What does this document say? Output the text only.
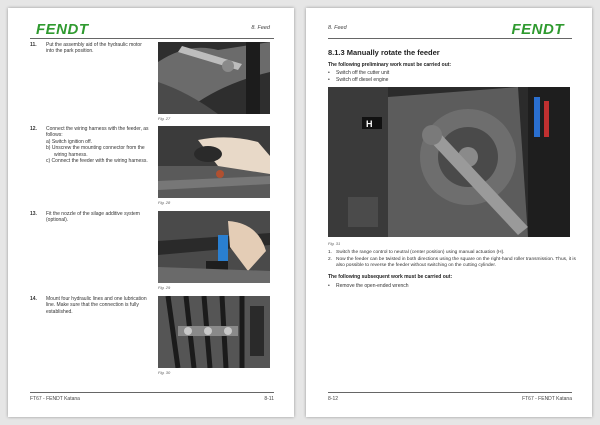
FENDT	8. Feed
11. Put the assembly aid of the hydraulic motor into the park position.
Fig. 27
12. Connect the wiring harness with the feeder, as follows:
a) Switch ignition off.
b) Unscrew the mounting connector from the wiring harness.
c) Connect the feeder with the wiring harness.
Fig. 28
13. Fit the nozzle of the silage additive system (optional).
Fig. 29
14. Mount four hydraulic lines and one lubrication line. Make sure that the connection is fully established.
Fig. 30
FT67 - FENDT Katana	8-11
8. Feed	FENDT
8.1.3 Manually rotate the feeder
The following preliminary work must be carried out:
• Switch off the cutter unit
• Switch off diesel engine
H
Fig. 31
1. Switch the range control to neutral (center position) using manual actuation (H).
2. Now the feeder can be twisted in both directions using the square on the right-hand roller transmission. Thus, it is also possible to reverse the feeder without switching on the cutting cylinder.
The following subsequent work must be carried out:
• Remove the open-ended wrench
8-12	FT67 - FENDT Katana
